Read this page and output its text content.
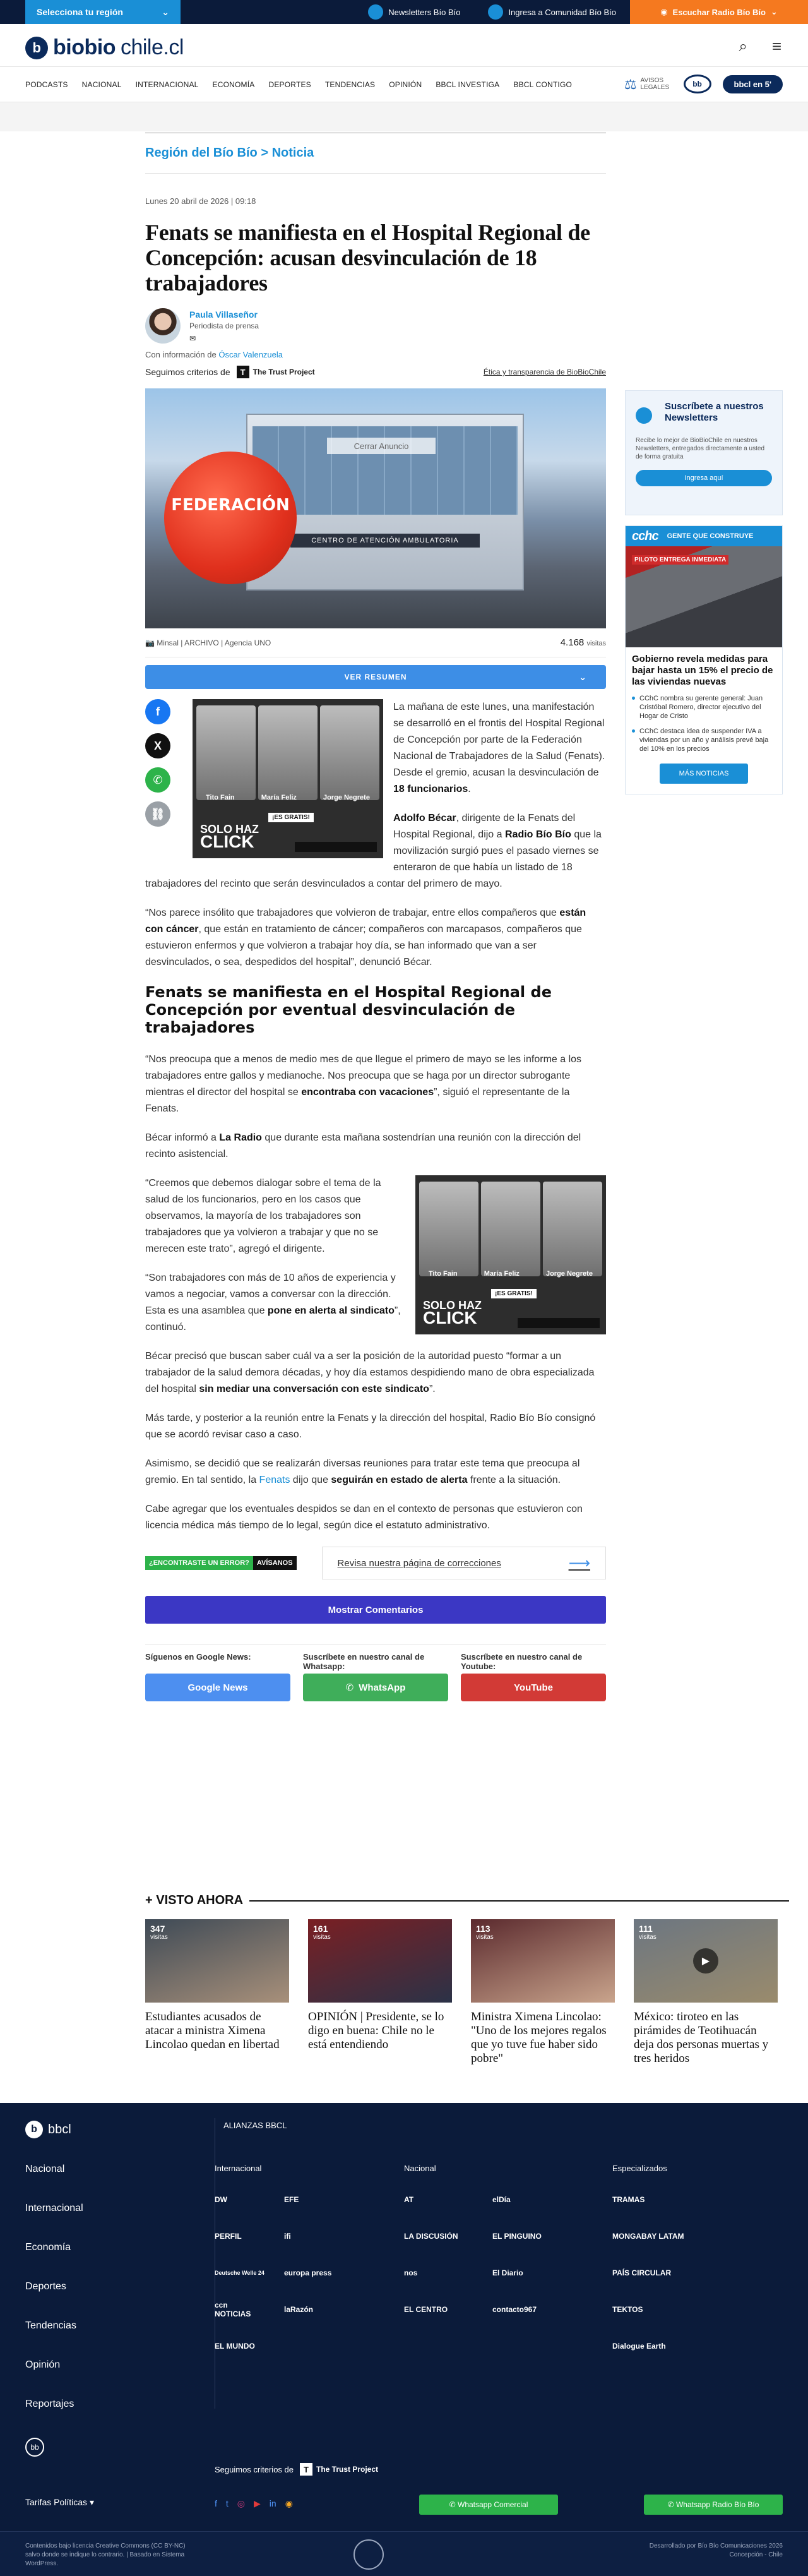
Selecciona tu región	⌄	Newsletters Bío Bío	Ingresa a Comunidad Bío Bío	◉ Escuchar Radio Bío Bío ⌄
b biobio chile.cl	⌕ ≡
PODCASTS NACIONAL INTERNACIONAL ECONOMÍA DEPORTES TENDENCIAS OPINIÓN BBCL INVESTIGA BBCL CONTIGO	⚖ AVISOS LEGALES	bb	bbcl en 5'
Región del Bío Bío > Noticia
Lunes 20 abril de 2026 | 09:18
Fenats se manifiesta en el Hospital Regional de Concepción: acusan desvinculación de 18 trabajadores
Paula Villaseñor
Periodista de prensa
✉
Con información de Óscar Valenzuela
Seguimos criterios de	T	The Trust Project	Ética y transparencia de BioBioChile
CENTRO DE ATENCIÓN AMBULATORIA
FEDERACIÓN
Cerrar Anuncio
📷 Minsal | ARCHIVO | Agencia UNO	4.168 visitas
VER RESUMEN	⌄
f
X
✆
⛓
Tito Fain	María Feliz	Jorge Negrete
¡ES GRATIS!
SOLO HAZ
CLICK

La mañana de este lunes, una manifestación se desarrolló en el frontis del Hospital Regional de Concepción por parte de la Federación Nacional de Trabajadores de la Salud (Fenats). Desde el gremio, acusan la desvinculación de 18 funcionarios.

Adolfo Bécar, dirigente de la Fenats del Hospital Regional, dijo a Radio Bío Bío que la movilización surgió pues el pasado viernes se enteraron de que había un listado de 18 trabajadores del recinto que serán desvinculados a contar del primero de mayo.

“Nos parece insólito que trabajadores que volvieron de trabajar, entre ellos compañeros que están con cáncer, que están en tratamiento de cáncer; compañeros con marcapasos, compañeros que estuvieron enfermos y que volvieron a trabajar hoy día, se han informado que van a ser desvinculados, o sea, despedidos del hospital”, denunció Bécar.

Fenats se manifiesta en el Hospital Regional de Concepción por eventual desvinculación de trabajadores

“Nos preocupa que a menos de medio mes de que llegue el primero de mayo se les informe a los trabajadores entre gallos y medianoche. Nos preocupa que se haga por un director subrogante mientras el director del hospital se encontraba con vacaciones”, siguió el representante de la Fenats.

Bécar informó a La Radio que durante esta mañana sostendrían una reunión con la dirección del recinto asistencial.

Tito Fain	María Feliz	Jorge Negrete
¡ES GRATIS!
SOLO HAZ
CLICK

“Creemos que debemos dialogar sobre el tema de la salud de los funcionarios, pero en los casos que observamos, la mayoría de los trabajadores son trabajadores que ya volvieron a trabajar y que no se merecen este trato”, agregó el dirigente.

“Son trabajadores con más de 10 años de experiencia y vamos a negociar, vamos a conversar con la dirección. Esta es una asamblea que pone en alerta al sindicato”, continuó.

Bécar precisó que buscan saber cuál va a ser la posición de la autoridad puesto “formar a un trabajador de la salud demora décadas, y hoy día estamos despidiendo mano de obra especializada del hospital sin mediar una conversación con este sindicato”.

Más tarde, y posterior a la reunión entre la Fenats y la dirección del hospital, Radio Bío Bío consignó que se acordó revisar caso a caso.

Asimismo, se decidió que se realizarán diversas reuniones para tratar este tema que preocupa al gremio. En tal sentido, la Fenats dijo que seguirán en estado de alerta frente a la situación.

Cabe agregar que los eventuales despidos se dan en el contexto de personas que estuvieron con licencia médica más tiempo de lo legal, según dice el estatuto administrativo.

¿ENCONTRASTE UN ERROR?	AVÍSANOS	Revisa nuestra página de correcciones	⟶
Mostrar Comentarios
Síguenos en Google News:
Google News
Suscríbete en nuestro canal de Whatsapp:
✆ WhatsApp
Suscríbete en nuestro canal de Youtube:
YouTube
Suscríbete a nuestros Newsletters
Recibe lo mejor de BioBioChile en nuestros Newsletters, entregados directamente a usted de forma gratuita
Ingresa aquí
cchc GENTE QUE CONSTRUYE
PILOTO ENTREGA INMEDIATA
Gobierno revela medidas para bajar hasta un 15% el precio de las viviendas nuevas
CChC nombra su gerente general: Juan Cristóbal Romero, director ejecutivo del Hogar de Cristo
CChC destaca idea de suspender IVA a viviendas por un año y análisis prevé baja del 10% en los precios
MÁS NOTICIAS
+ VISTO AHORA
347
visitas
Estudiantes acusados de atacar a ministra Ximena Lincolao quedan en libertad
161
visitas
OPINIÓN | Presidente, se lo digo en buena: Chile no le está entendiendo
113
visitas
Ministra Ximena Lincolao: "Uno de los mejores regalos que yo tuve fue haber sido pobre"
111
visitas
▶
México: tiroteo en las pirámides de Teotihuacán deja dos personas muertas y tres heridos
b bbcl	ALIANZAS BBCL
Nacional
Internacional
Economía
Deportes
Tendencias
Opinión
Reportajes
bb
Internacional
DW	EFE
PERFIL	ifi
Deutsche Welle 24	europa press
ccn NOTICIAS	laRazón
EL MUNDO
Nacional
AT	elDía
LA DISCUSIÓN	EL PINGUINO
nos	El Diario
EL CENTRO	contacto967
Especializados
TRAMAS
MONGABAY LATAM
PAÍS CIRCULAR
TEKTOS
Dialogue Earth
Seguimos criterios de	T	The Trust Project
Tarifas Políticas ▾	f t ◎ ▶ in ◉	✆ Whatsapp Comercial	✆ Whatsapp Radio Bío Bío
Contenidos bajo licencia Creative Commons (CC BY-NC) salvo donde se indique lo contrario. | Basado en Sistema WordPress.
Desarrollado por Bío Bío Comunicaciones 2026 Concepción - Chile
